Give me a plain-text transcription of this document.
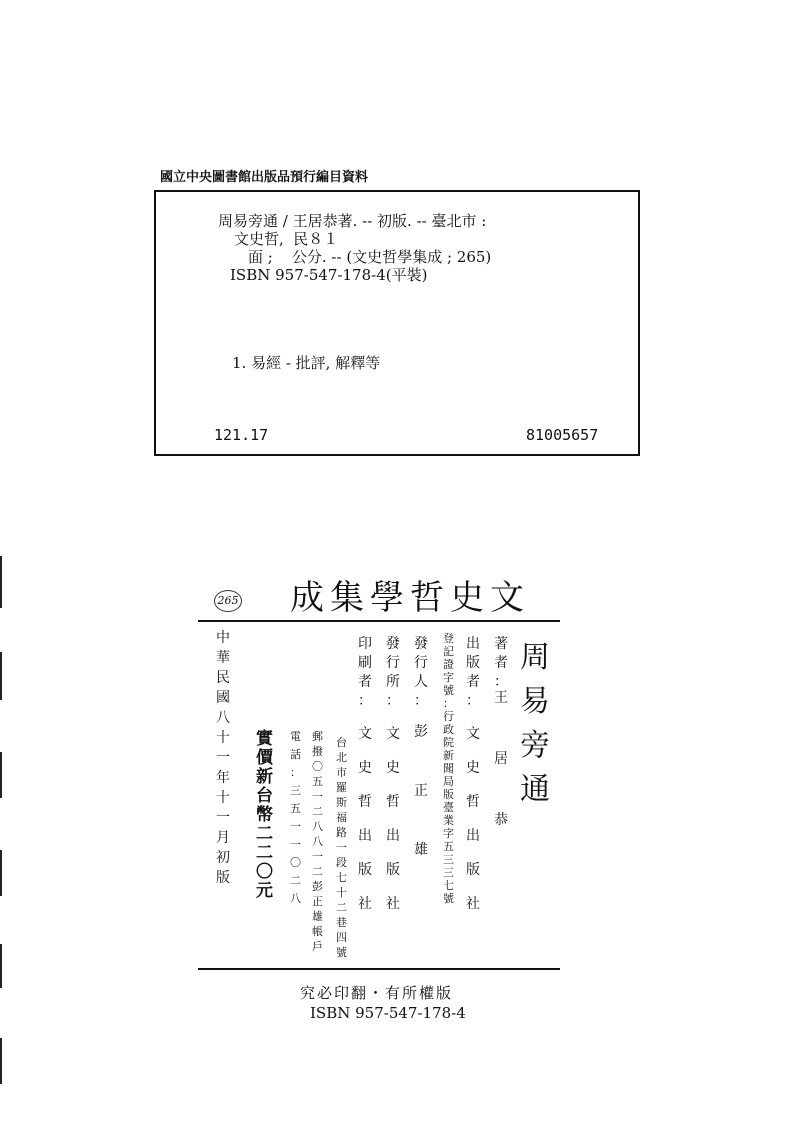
國立中央圖書館出版品預行編目資料
周易旁通 / 王居恭著. -- 初版. -- 臺北市 :
文史哲,  民８１
面 ;    公分. -- (文史哲學集成 ; 265)
ISBN 957-547-178-4(平裝)
1. 易經 - 批評, 解釋等
121.17	81005657
265 成 集 學 哲 史 文
周
易
旁
通
著
者
：
王
居
恭
出
版
者
：
文
史
哲
出
版
社
登
記
證
字
號
：
行
政
院
新
聞
局
版
臺
業
字
五
三
三
七
號
發
行
人
：
彭
正
雄
發
行
所
：
文
史
哲
出
版
社
印
刷
者
：
文
史
哲
出
版
社
台
北
市
羅
斯
福
路
一
段
七
十
二
巷
四
號
郵
撥
〇
五
一
二
八
八
一
二
彭
正
雄
帳
戶
電
話
：
三
五
一
一
〇
二
八
實
價
新
台
幣
二
二
〇
元
中
華
民
國
八
十
一
年
十
一
月
初
版
究必印翻・有所權版
ISBN 957-547-178-4
